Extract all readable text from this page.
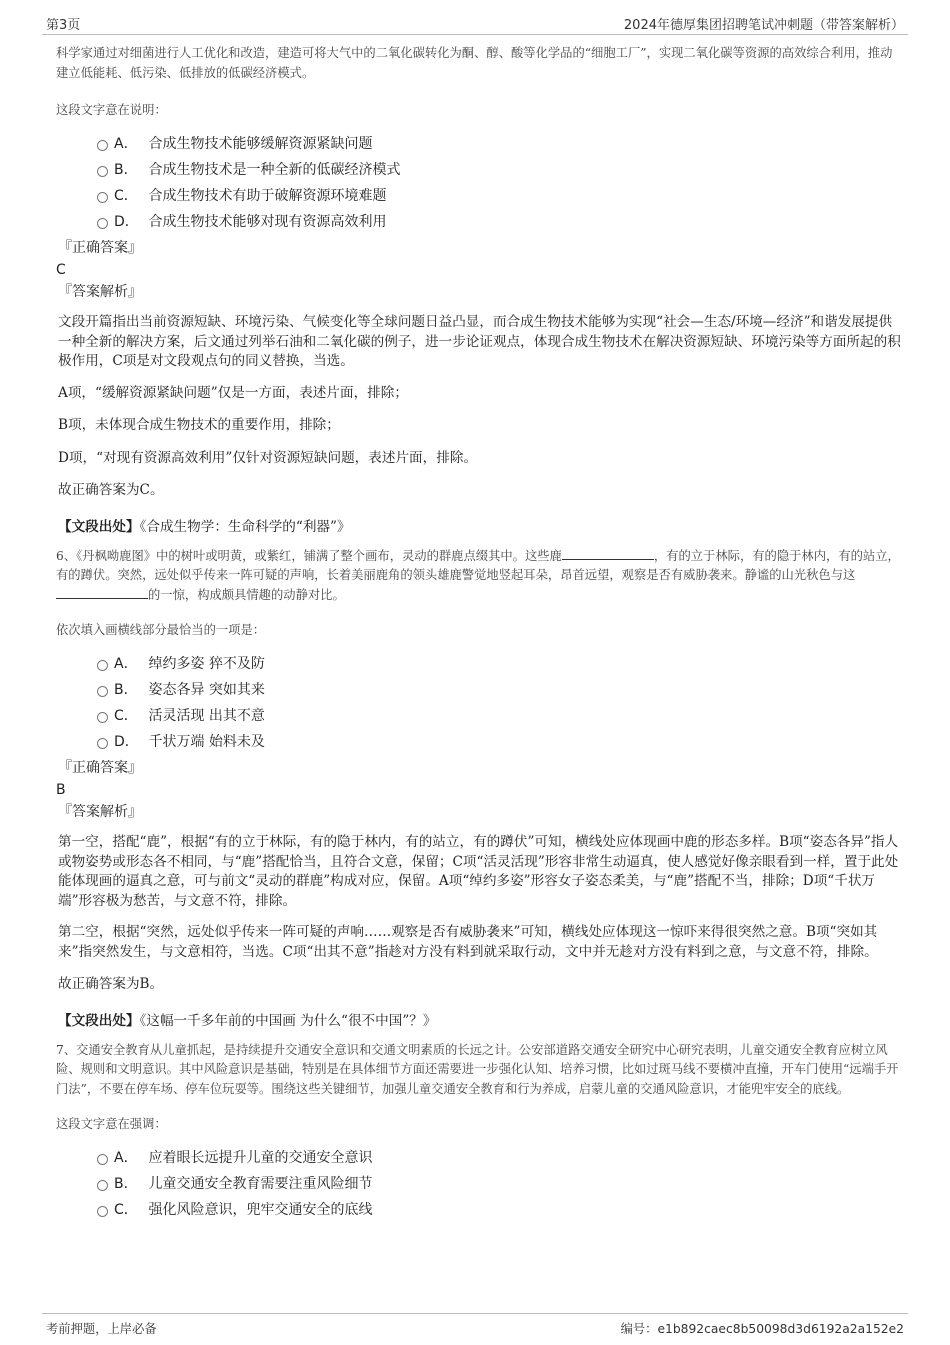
第3页	2024年德厚集团招聘笔试冲刺题（带答案解析）

科学家通过对细菌进行人工优化和改造，建造可将大气中的二氧化碳转化为酮、醇、酸等化学品的“细胞工厂”，实现二氧化碳等资源的高效综合利用，推动建立低能耗、低污染、低排放的低碳经济模式。

这段文字意在说明：

A． 合成生物技术能够缓解资源紧缺问题
B． 合成生物技术是一种全新的低碳经济模式
C． 合成生物技术有助于破解资源环境难题
D． 合成生物技术能够对现有资源高效利用

『正确答案』

C

『答案解析』

文段开篇指出当前资源短缺、环境污染、气候变化等全球问题日益凸显，而合成生物技术能够为实现“社会—生态/环境—经济”和谐发展提供一种全新的解决方案，后文通过列举石油和二氧化碳的例子，进一步论证观点，体现合成生物技术在解决资源短缺、环境污染等方面所起的积极作用，C项是对文段观点句的同义替换，当选。

A项，“缓解资源紧缺问题”仅是一方面，表述片面，排除；

B项，未体现合成生物技术的重要作用，排除；

D项，“对现有资源高效利用”仅针对资源短缺问题，表述片面，排除。

故正确答案为C。

【文段出处】《合成生物学：生命科学的“利器”》

6、《丹枫呦鹿图》中的树叶或明黄，或紫红，铺满了整个画布，灵动的群鹿点缀其中。这些鹿	，有的立于林际，有的隐于林内，有的站立，有的蹲伏。突然，远处似乎传来一阵可疑的声响，长着美丽鹿角的领头雄鹿警觉地竖起耳朵，昂首远望，观察是否有威胁袭来。静谧的山光秋色与这的一惊，构成颇具情趣的动静对比。

依次填入画横线部分最恰当的一项是：

A． 绰约多姿 猝不及防
B． 姿态各异 突如其来
C． 活灵活现 出其不意
D． 千状万端 始料未及

『正确答案』

B

『答案解析』

第一空，搭配“鹿”，根据“有的立于林际，有的隐于林内，有的站立，有的蹲伏”可知，横线处应体现画中鹿的形态多样。B项“姿态各异”指人或物姿势或形态各不相同，与“鹿”搭配恰当，且符合文意，保留；C项“活灵活现”形容非常生动逼真，使人感觉好像亲眼看到一样，置于此处能体现画的逼真之意，可与前文“灵动的群鹿”构成对应，保留。A项“绰约多姿”形容女子姿态柔美，与“鹿”搭配不当，排除；D项“千状万端”形容极为愁苦，与文意不符，排除。

第二空，根据“突然，远处似乎传来一阵可疑的声响……观察是否有威胁袭来”可知，横线处应体现这一惊吓来得很突然之意。B项“突如其来”指突然发生，与文意相符，当选。C项“出其不意”指趁对方没有料到就采取行动，文中并无趁对方没有料到之意，与文意不符，排除。

故正确答案为B。

【文段出处】《这幅一千多年前的中国画 为什么“很不中国”？》

7、交通安全教育从儿童抓起，是持续提升交通安全意识和交通文明素质的长远之计。公安部道路交通安全研究中心研究表明，儿童交通安全教育应树立风险、规则和文明意识。其中风险意识是基础，特别是在具体细节方面还需要进一步强化认知、培养习惯，比如过斑马线不要横冲直撞，开车门使用“远端手开门法”，不要在停车场、停车位玩耍等。围绕这些关键细节，加强儿童交通安全教育和行为养成，启蒙儿童的交通风险意识，才能兜牢安全的底线。

这段文字意在强调：

A． 应着眼长远提升儿童的交通安全意识
B． 儿童交通安全教育需要注重风险细节
C． 强化风险意识，兜牢交通安全的底线
考前押题，上岸必备	编号：e1b892caec8b50098d3d6192a2a152e2
